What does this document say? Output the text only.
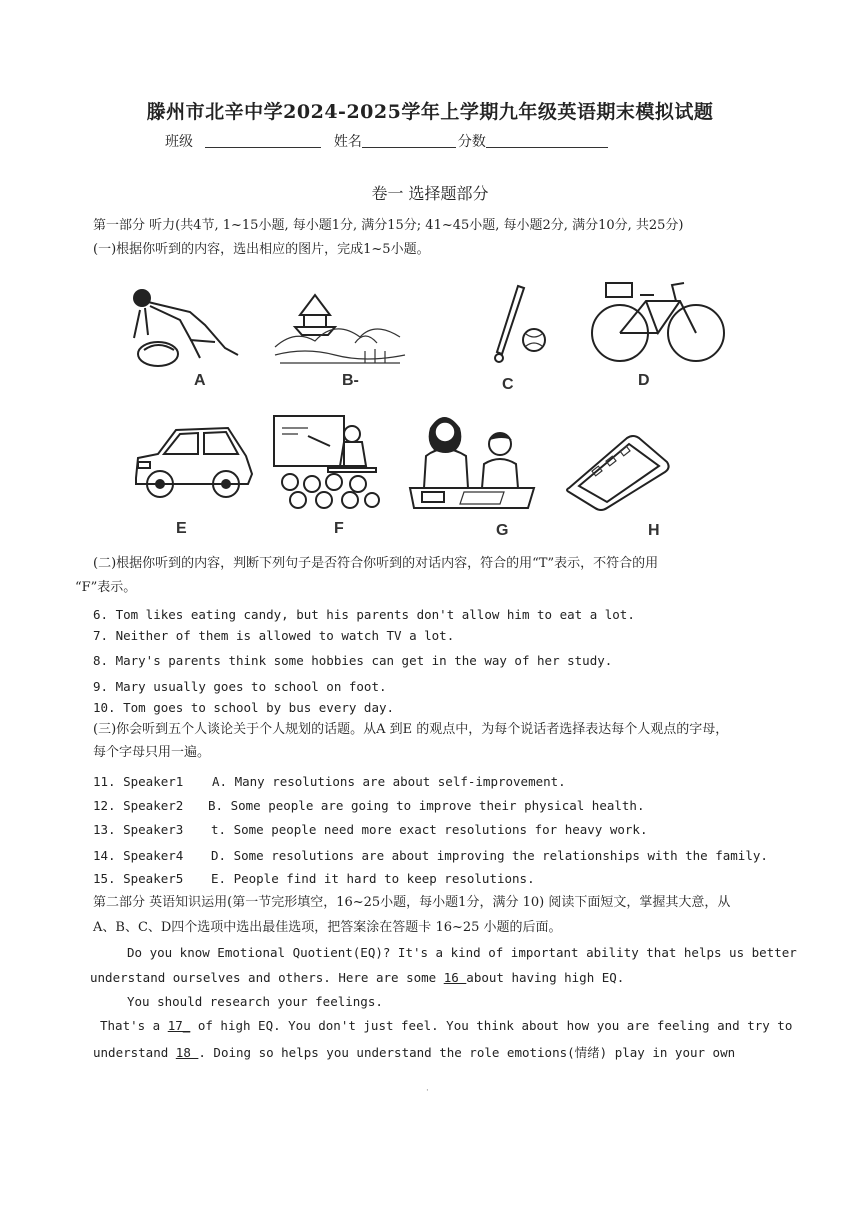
滕州市北辛中学2024-2025学年上学期九年级英语期末模拟试题
班级	姓名	分数
卷一 选择题部分
第一部分 听力(共4节, 1~15小题, 每小题1分, 满分15分; 41~45小题, 每小题2分, 满分10分, 共25分)
(一)根据你听到的内容，选出相应的图片，完成1~5小题。
A	B-	C	D
E	F	G	H
(二)根据你听到的内容，判断下列句子是否符合你听到的对话内容，符合的用“T”表示，不符合的用
“F”表示。
6. Tom likes eating candy, but his parents don't allow him to eat a lot.
7. Neither of them is allowed to watch TV a lot.
8. Mary's parents think some hobbies can get in the way of her study.
9. Mary usually goes to school on foot.
10. Tom goes to school by bus every day.
(三)你会听到五个人谈论关于个人规划的话题。从A 到E 的观点中，为每个说话者选择表达每个人观点的字母，
每个字母只用一遍。
11. Speaker1 A. Many resolutions are about self-improvement.
12. Speaker2 B. Some people are going to improve their physical health.
13. Speaker3 t. Some people need more exact resolutions for heavy work.
14. Speaker4 D. Some resolutions are about improving the relationships with the family.
15. Speaker5 E. People find it hard to keep resolutions.
第二部分 英语知识运用(第一节完形填空，16~25小题，每小题1分，满分 10) 阅读下面短文，掌握其大意，从
A、B、C、D四个选项中选出最佳选项，把答案涂在答题卡 16~25 小题的后面。
Do you know Emotional Quotient(EQ)? It's a kind of important ability that helps us better
understand ourselves and others. Here are some 16 about having high EQ.
You should research your feelings.
That's a 17_ of high EQ. You don't just feel. You think about how you are feeling and try to
understand 18 . Doing so helps you understand the role emotions(情绪) play in your own
·
